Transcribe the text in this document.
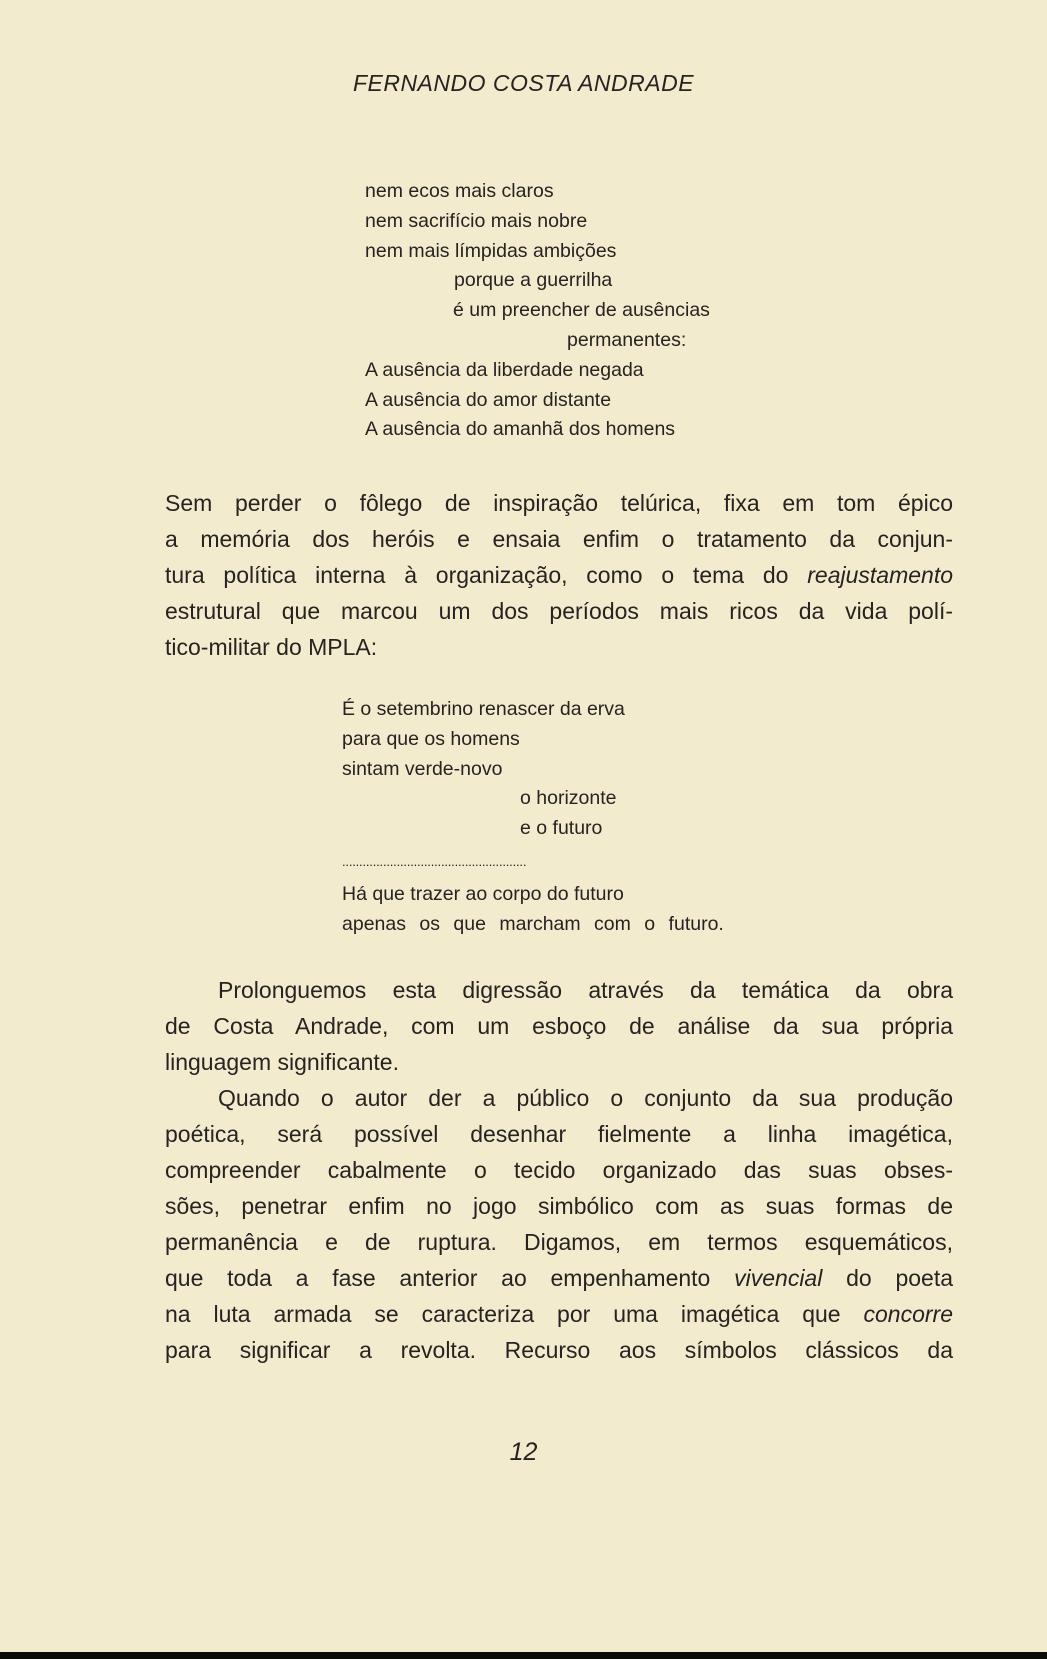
FERNANDO COSTA ANDRADE
nem ecos mais claros
nem sacrifício mais nobre
nem mais límpidas ambições
porque a guerrilha
é um preencher de ausências
permanentes:
A ausência da liberdade negada
A ausência do amor distante
A ausência do amanhã dos homens
Sem perder o fôlego de inspiração telúrica, fixa em tom épico
a memória dos heróis e ensaia enfim o tratamento da conjun-
tura política interna à organização, como o tema do reajustamento
estrutural que marcou um dos períodos mais ricos da vida polí-
tico-militar do MPLA:
É o setembrino renascer da erva
para que os homens
sintam verde-novo
o horizonte
e o futuro
......................................................
Há que trazer ao corpo do futuro
apenas os que marcham com o futuro.
Prolonguemos esta digressão através da temática da obra
de Costa Andrade, com um esboço de análise da sua própria
linguagem significante.
Quando o autor der a público o conjunto da sua produção
poética, será possível desenhar fielmente a linha imagética,
compreender cabalmente o tecido organizado das suas obses-
sões, penetrar enfim no jogo simbólico com as suas formas de
permanência e de ruptura. Digamos, em termos esquemáticos,
que toda a fase anterior ao empenhamento vivencial do poeta
na luta armada se caracteriza por uma imagética que concorre
para significar a revolta. Recurso aos símbolos clássicos da
12
